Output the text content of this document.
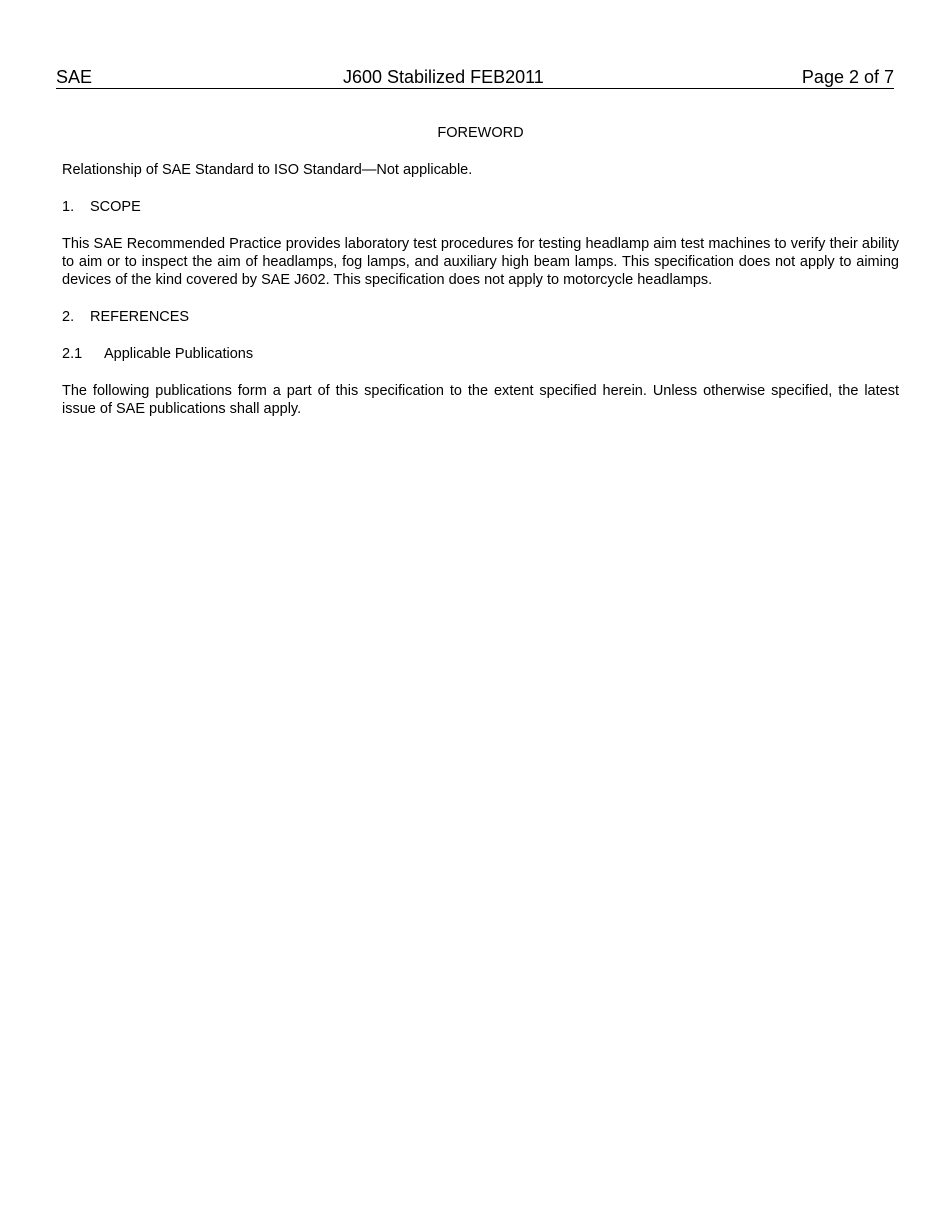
SAE	J600 Stabilized FEB2011	Page 2 of 7
FOREWORD

Relationship of SAE Standard to ISO Standard—Not applicable.

1.	SCOPE

This SAE Recommended Practice provides laboratory test procedures for testing headlamp aim test machines to verify their ability to aim or to inspect the aim of headlamps, fog lamps, and auxiliary high beam lamps. This specification does not apply to aiming devices of the kind covered by SAE J602. This specification does not apply to motorcycle headlamps.

2.	REFERENCES
2.1	Applicable Publications

The following publications form a part of this specification to the extent specified herein. Unless otherwise specified, the latest issue of SAE publications shall apply.
